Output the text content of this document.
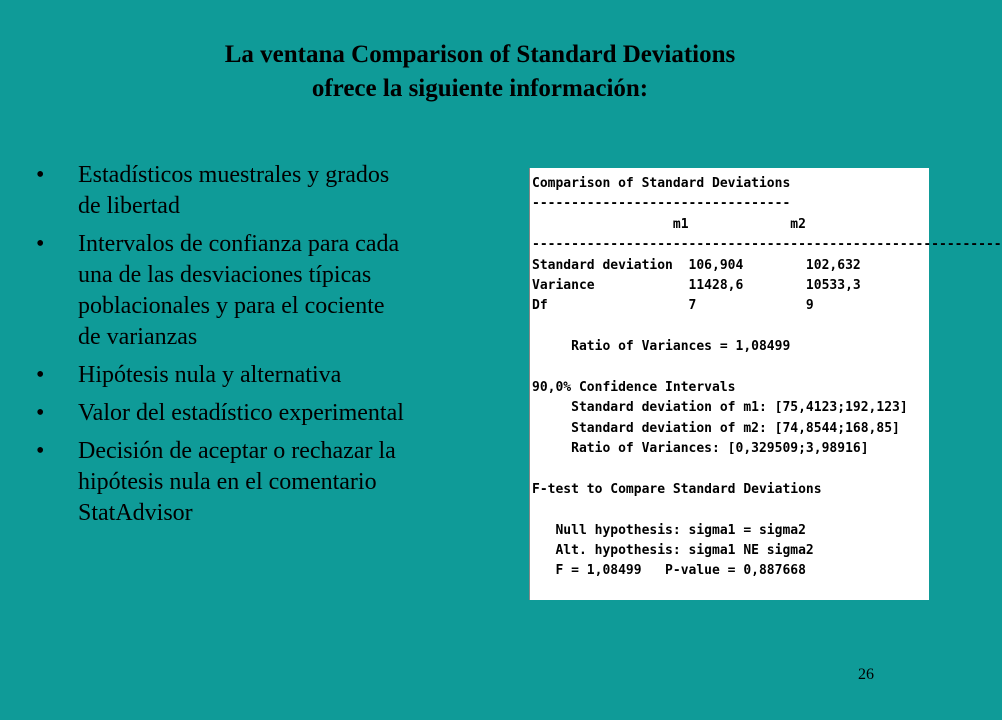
La ventana Comparison of Standard Deviations
ofrece la siguiente información:
• Estadísticos muestrales y grados
de libertad
• Intervalos de confianza para cada
una de las desviaciones típicas
poblacionales y para el cociente
de varianzas
• Hipótesis nula y alternativa
• Valor del estadístico experimental
• Decisión de aceptar o rechazar la
hipótesis nula en el comentario
StatAdvisor
Comparison of Standard Deviations
---------------------------------
m1             m2
------------------------------------------------------------
Standard deviation  106,904        102,632
Variance            11428,6        10533,3
Df                  7              9
Ratio of Variances = 1,08499
90,0% Confidence Intervals
Standard deviation of m1: [75,4123;192,123]
Standard deviation of m2: [74,8544;168,85]
Ratio of Variances: [0,329509;3,98916]
F-test to Compare Standard Deviations
Null hypothesis: sigma1 = sigma2
Alt. hypothesis: sigma1 NE sigma2
F = 1,08499   P-value = 0,887668
26
